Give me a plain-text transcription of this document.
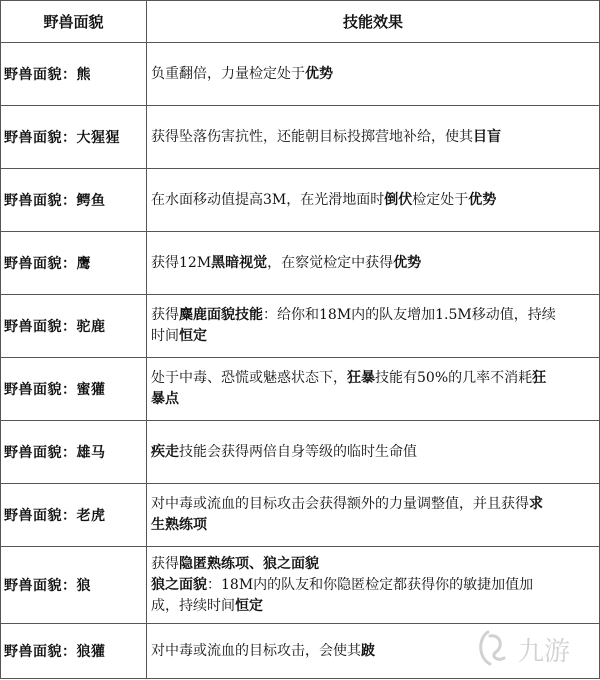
野兽面貌	技能效果
野兽面貌：熊	负重翻倍，力量检定处于优势

野兽面貌：大猩猩	获得坠落伤害抗性，还能朝目标投掷营地补给，使其目盲

野兽面貌：鳄鱼	在水面移动值提高3M，在光滑地面时倒伏检定处于优势

野兽面貌：鹰	获得12M黑暗视觉，在察觉检定中获得优势

野兽面貌：驼鹿	获得麋鹿面貌技能：给你和18M内的队友增加1.5M移动值，持续
时间恒定

野兽面貌：蜜獾	处于中毒、恐慌或魅惑状态下，狂暴技能有50%的几率不消耗狂
暴点

野兽面貌：雄马	疾走技能会获得两倍自身等级的临时生命值

野兽面貌：老虎	对中毒或流血的目标攻击会获得额外的力量调整值，并且获得求
生熟练项

野兽面貌：狼	获得隐匿熟练项、狼之面貌
狼之面貌：18M内的队友和你隐匿检定都获得你的敏捷加值加
成，持续时间恒定

野兽面貌：狼獾	对中毒或流血的目标攻击，会使其跛	九游
